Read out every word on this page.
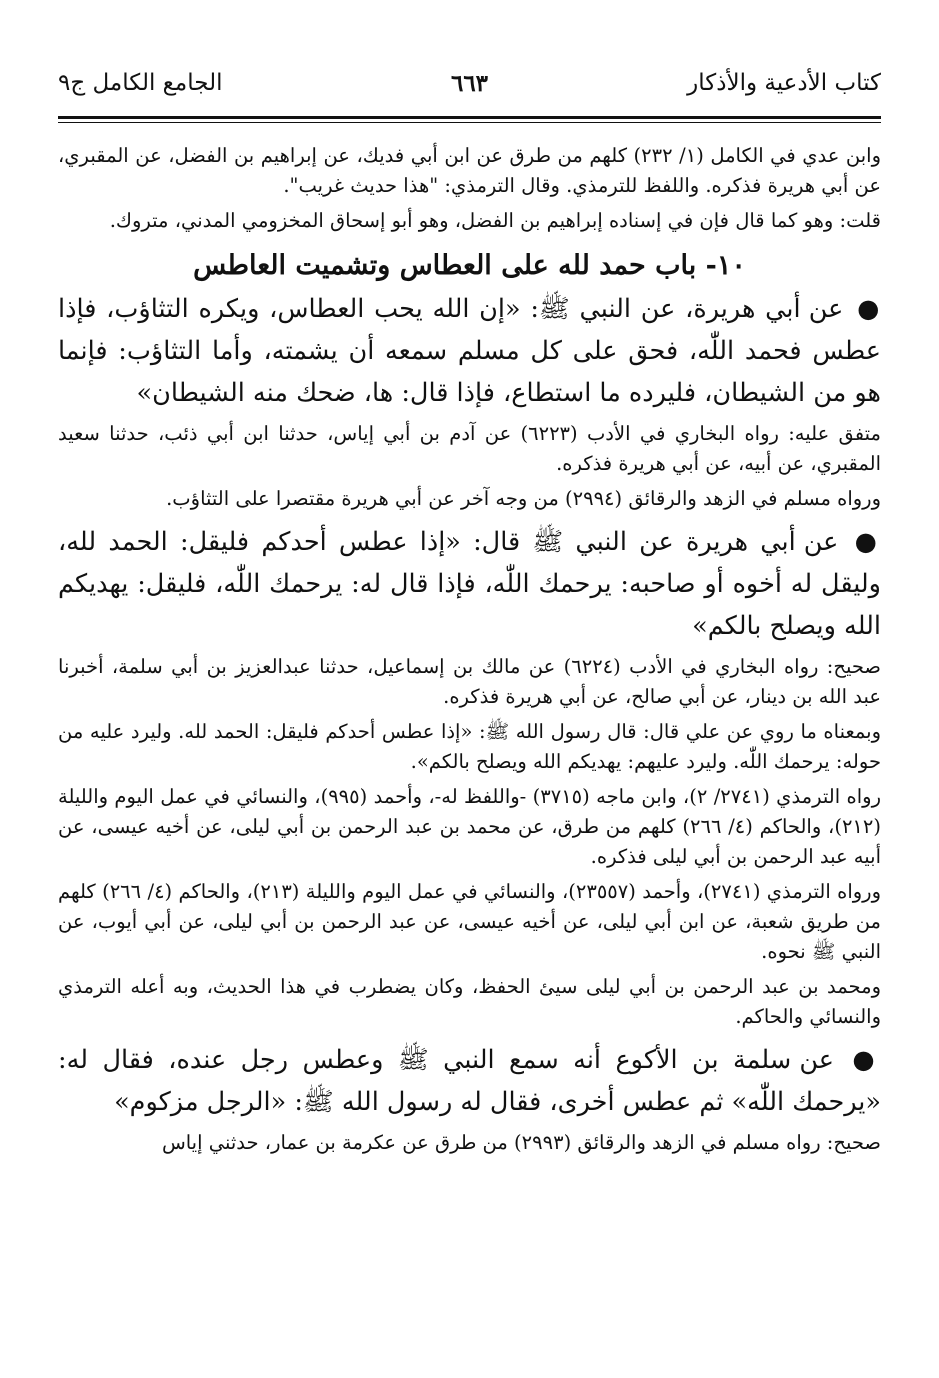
كتاب الأدعية والأذكار
٦٦٣
الجامع الكامل ج٩

وابن عدي في الكامل (١/ ٢٣٢) كلهم من طرق عن ابن أبي فديك، عن إبراهيم بن الفضل، عن المقبري، عن أبي هريرة فذكره. واللفظ للترمذي. وقال الترمذي: "هذا حديث غريب".

قلت: وهو كما قال فإن في إسناده إبراهيم بن الفضل، وهو أبو إسحاق المخزومي المدني، متروك.

١٠- باب حمد لله على العطاس وتشميت العاطس

● عن أبي هريرة، عن النبي ﷺ: «إن الله يحب العطاس، ويكره التثاؤب، فإذا عطس فحمد اللّٰه، فحق على كل مسلم سمعه أن يشمته، وأما التثاؤب: فإنما هو من الشيطان، فليرده ما استطاع، فإذا قال: ها، ضحك منه الشيطان»

متفق عليه: رواه البخاري في الأدب (٦٢٢٣) عن آدم بن أبي إياس، حدثنا ابن أبي ذئب، حدثنا سعيد المقبري، عن أبيه، عن أبي هريرة فذكره.

ورواه مسلم في الزهد والرقائق (٢٩٩٤) من وجه آخر عن أبي هريرة مقتصرا على التثاؤب.

● عن أبي هريرة عن النبي ﷺ قال: «إذا عطس أحدكم فليقل: الحمد لله، وليقل له أخوه أو صاحبه: يرحمك اللّٰه، فإذا قال له: يرحمك اللّٰه، فليقل: يهديكم الله ويصلح بالكم»

صحيح: رواه البخاري في الأدب (٦٢٢٤) عن مالك بن إسماعيل، حدثنا عبدالعزيز بن أبي سلمة، أخبرنا عبد الله بن دينار، عن أبي صالح، عن أبي هريرة فذكره.

وبمعناه ما روي عن علي قال: قال رسول الله ﷺ: «إذا عطس أحدكم فليقل: الحمد لله. وليرد عليه من حوله: يرحمك اللّٰه. وليرد عليهم: يهديكم الله ويصلح بالكم».

رواه الترمذي (٢٧٤١/ ٢)، وابن ماجه (٣٧١٥) -واللفظ له-، وأحمد (٩٩٥)، والنسائي في عمل اليوم والليلة (٢١٢)، والحاكم (٤/ ٢٦٦) كلهم من طرق، عن محمد بن عبد الرحمن بن أبي ليلى، عن أخيه عيسى، عن أبيه عبد الرحمن بن أبي ليلى فذكره.

ورواه الترمذي (٢٧٤١)، وأحمد (٢٣٥٥٧)، والنسائي في عمل اليوم والليلة (٢١٣)، والحاكم (٤/ ٢٦٦) كلهم من طريق شعبة، عن ابن أبي ليلى، عن أخيه عيسى، عن عبد الرحمن بن أبي ليلى، عن أبي أيوب، عن النبي ﷺ نحوه.

ومحمد بن عبد الرحمن بن أبي ليلى سيئ الحفظ، وكان يضطرب في هذا الحديث، وبه أعله الترمذي والنسائي والحاكم.

● عن سلمة بن الأكوع أنه سمع النبي ﷺ وعطس رجل عنده، فقال له: «يرحمك اللّٰه» ثم عطس أخرى، فقال له رسول الله ﷺ: «الرجل مزكوم»

صحيح: رواه مسلم في الزهد والرقائق (٢٩٩٣) من طرق عن عكرمة بن عمار، حدثني إياس
